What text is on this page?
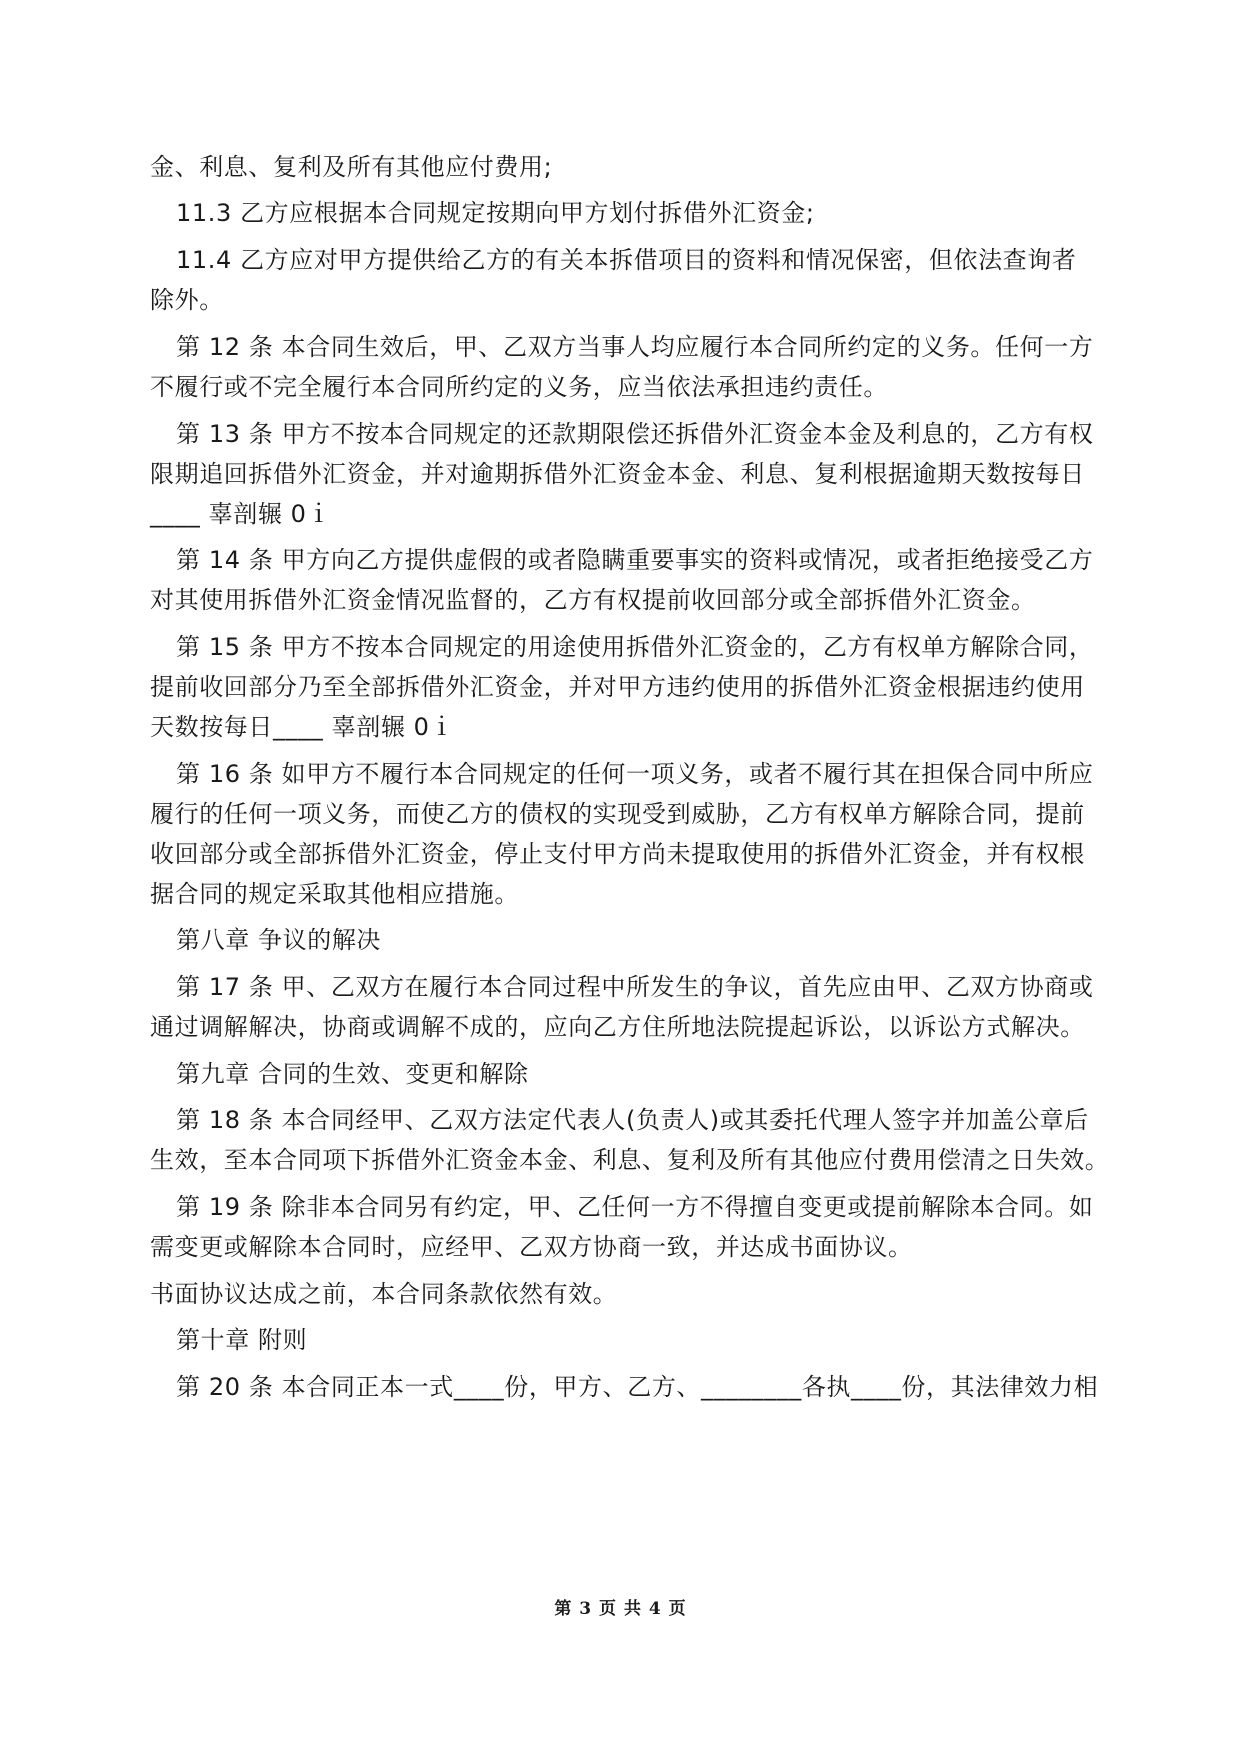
金、利息、复利及所有其他应付费用;
11.3 乙方应根据本合同规定按期向甲方划付拆借外汇资金;
11.4 乙方应对甲方提供给乙方的有关本拆借项目的资料和情况保密，但依法查询者
除外。
第 12 条 本合同生效后，甲、乙双方当事人均应履行本合同所约定的义务。任何一方
不履行或不完全履行本合同所约定的义务，应当依法承担违约责任。
第 13 条 甲方不按本合同规定的还款期限偿还拆借外汇资金本金及利息的，乙方有权
限期追回拆借外汇资金，并对逾期拆借外汇资金本金、利息、复利根据逾期天数按每日
____ 辜剖辗 0ｉ
第 14 条 甲方向乙方提供虚假的或者隐瞒重要事实的资料或情况，或者拒绝接受乙方
对其使用拆借外汇资金情况监督的，乙方有权提前收回部分或全部拆借外汇资金。
第 15 条 甲方不按本合同规定的用途使用拆借外汇资金的，乙方有权单方解除合同，
提前收回部分乃至全部拆借外汇资金，并对甲方违约使用的拆借外汇资金根据违约使用
天数按每日____ 辜剖辗 0ｉ
第 16 条 如甲方不履行本合同规定的任何一项义务，或者不履行其在担保合同中所应
履行的任何一项义务，而使乙方的债权的实现受到威胁，乙方有权单方解除合同，提前
收回部分或全部拆借外汇资金，停止支付甲方尚未提取使用的拆借外汇资金，并有权根
据合同的规定采取其他相应措施。
第八章 争议的解决
第 17 条 甲、乙双方在履行本合同过程中所发生的争议，首先应由甲、乙双方协商或
通过调解解决，协商或调解不成的，应向乙方住所地法院提起诉讼，以诉讼方式解决。
第九章 合同的生效、变更和解除
第 18 条 本合同经甲、乙双方法定代表人(负责人)或其委托代理人签字并加盖公章后
生效，至本合同项下拆借外汇资金本金、利息、复利及所有其他应付费用偿清之日失效。
第 19 条 除非本合同另有约定，甲、乙任何一方不得擅自变更或提前解除本合同。如
需变更或解除本合同时，应经甲、乙双方协商一致，并达成书面协议。
书面协议达成之前，本合同条款依然有效。
第十章 附则
第 20 条 本合同正本一式____份，甲方、乙方、________各执____份，其法律效力相
第 3 页 共 4 页
